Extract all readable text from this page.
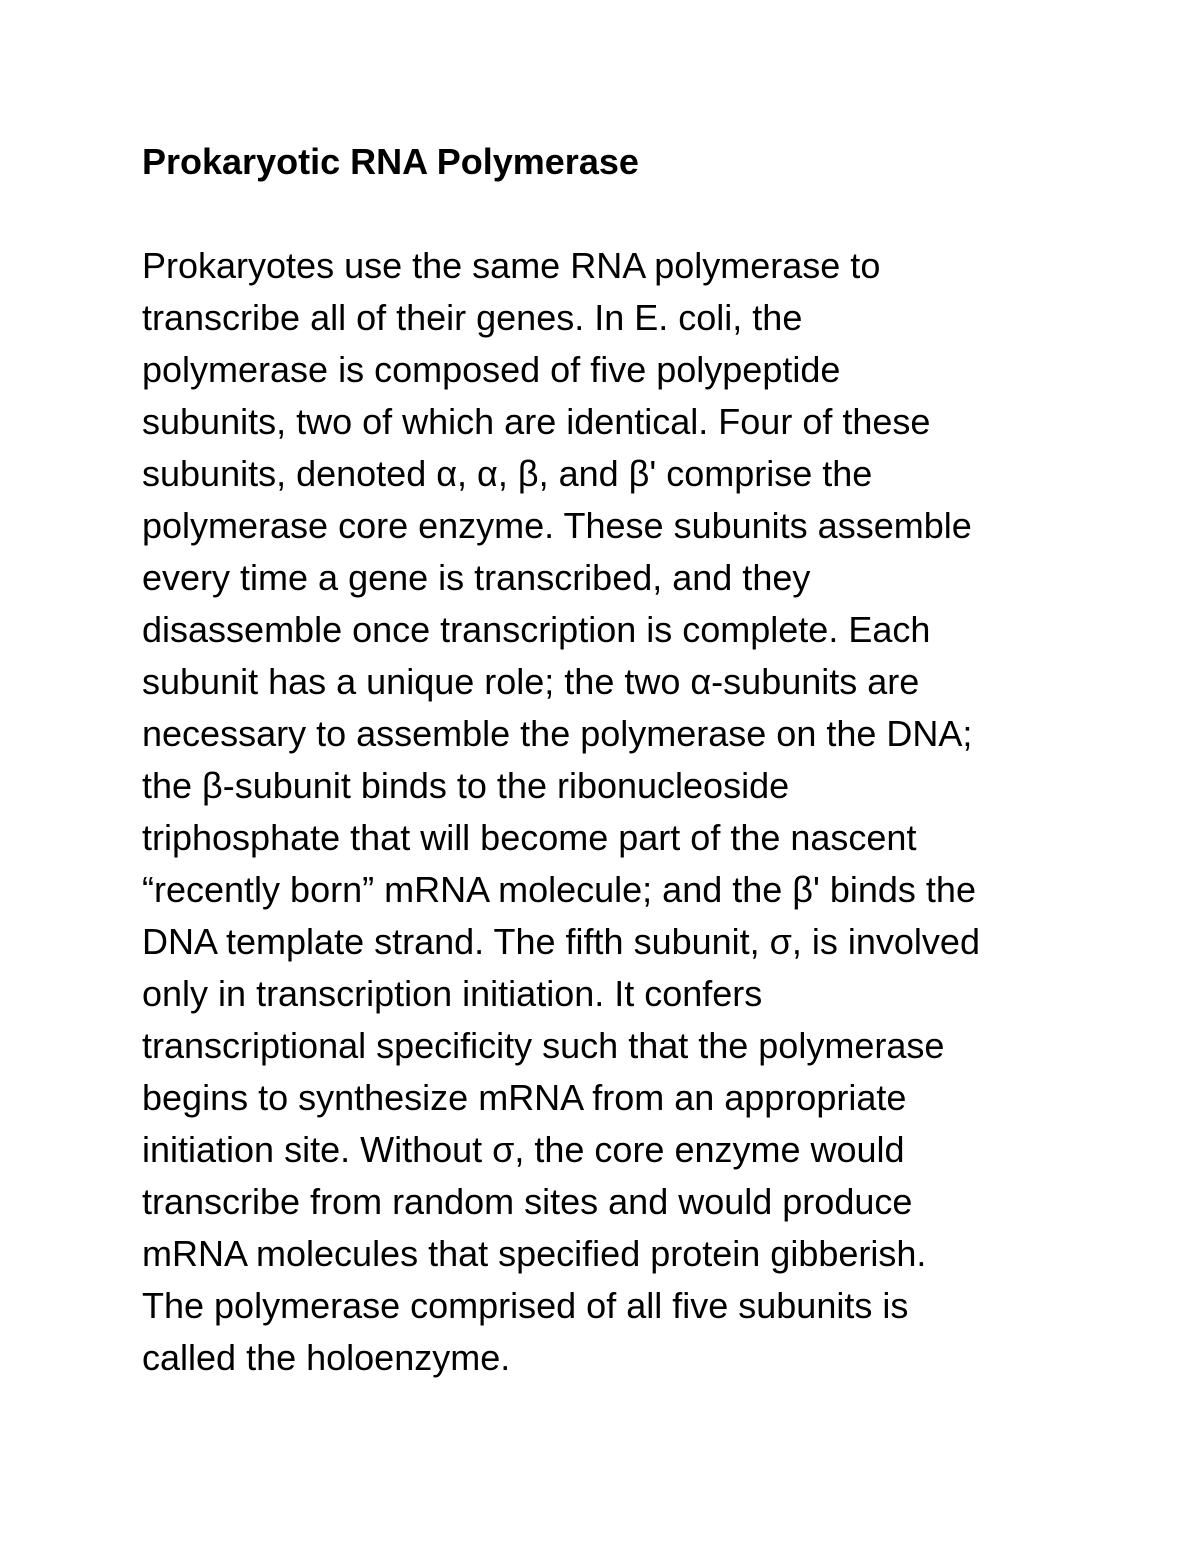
Prokaryotic RNA Polymerase

Prokaryotes use the same RNA polymerase to
transcribe all of their genes. In E. coli, the
polymerase is composed of five polypeptide
subunits, two of which are identical. Four of these
subunits, denoted α, α, β, and β' comprise the
polymerase core enzyme. These subunits assemble
every time a gene is transcribed, and they
disassemble once transcription is complete. Each
subunit has a unique role; the two α-subunits are
necessary to assemble the polymerase on the DNA;
the β-subunit binds to the ribonucleoside
triphosphate that will become part of the nascent
“recently born” mRNA molecule; and the β' binds the
DNA template strand. The fifth subunit, σ, is involved
only in transcription initiation. It confers
transcriptional specificity such that the polymerase
begins to synthesize mRNA from an appropriate
initiation site. Without σ, the core enzyme would
transcribe from random sites and would produce
mRNA molecules that specified protein gibberish.
The polymerase comprised of all five subunits is
called the holoenzyme.
